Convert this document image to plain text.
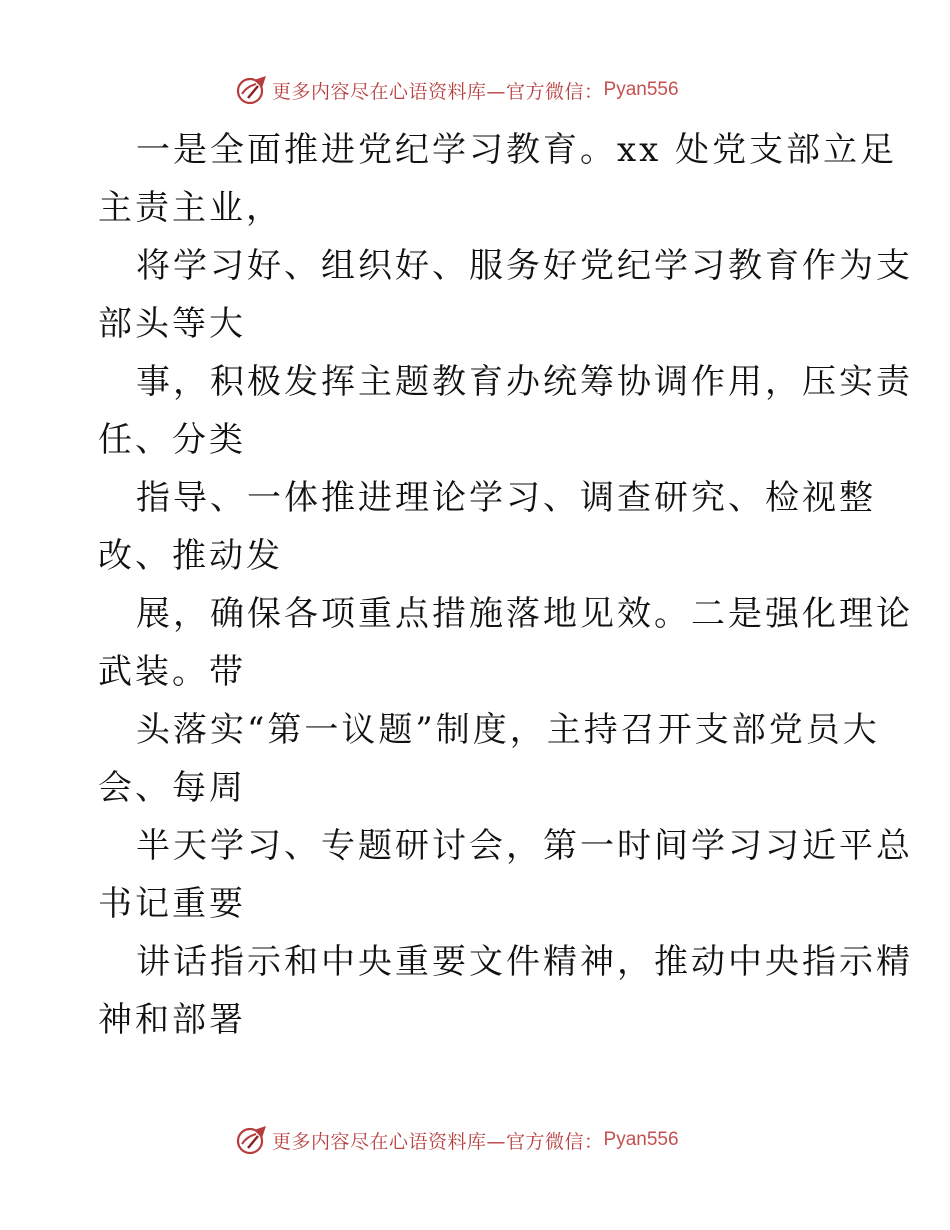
更多内容尽在心语资料库—官方微信： Pyan556
一是全面推进党纪学习教育。xx 处党支部立足
主责主业，
将学习好、组织好、服务好党纪学习教育作为支
部头等大
事，积极发挥主题教育办统筹协调作用，压实责
任、分类
指导、一体推进理论学习、调查研究、检视整
改、推动发
展，确保各项重点措施落地见效。二是强化理论
武装。带
头落实“第一议题”制度，主持召开支部党员大
会、每周
半天学习、专题研讨会，第一时间学习习近平总
书记重要
讲话指示和中央重要文件精神，推动中央指示精
神和部署
更多内容尽在心语资料库—官方微信： Pyan556
